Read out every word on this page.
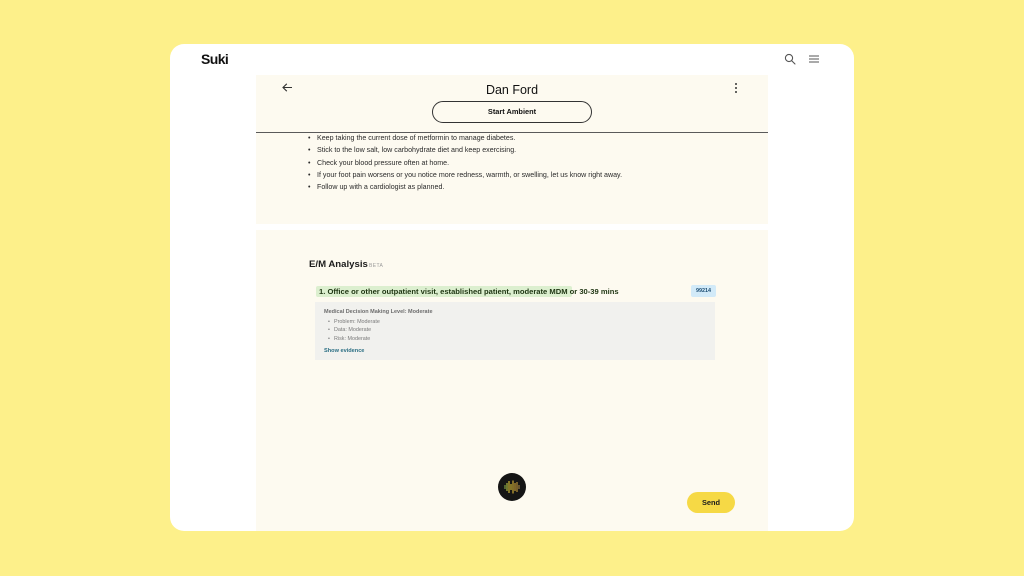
Suki
Dan Ford
Start Ambient
• Keep taking the current dose of metformin to manage diabetes.
• Stick to the low salt, low carbohydrate diet and keep exercising.
• Check your blood pressure often at home.
• If your foot pain worsens or you notice more redness, warmth, or swelling, let us know right away.
• Follow up with a cardiologist as planned.
E/M Analysis BETA
1. Office or other outpatient visit, established patient, moderate MDM or 30-39 mins	99214
Medical Decision Making Level: Moderate
• Problem: Moderate
• Data: Moderate
• Risk: Moderate
Show evidence
Send
